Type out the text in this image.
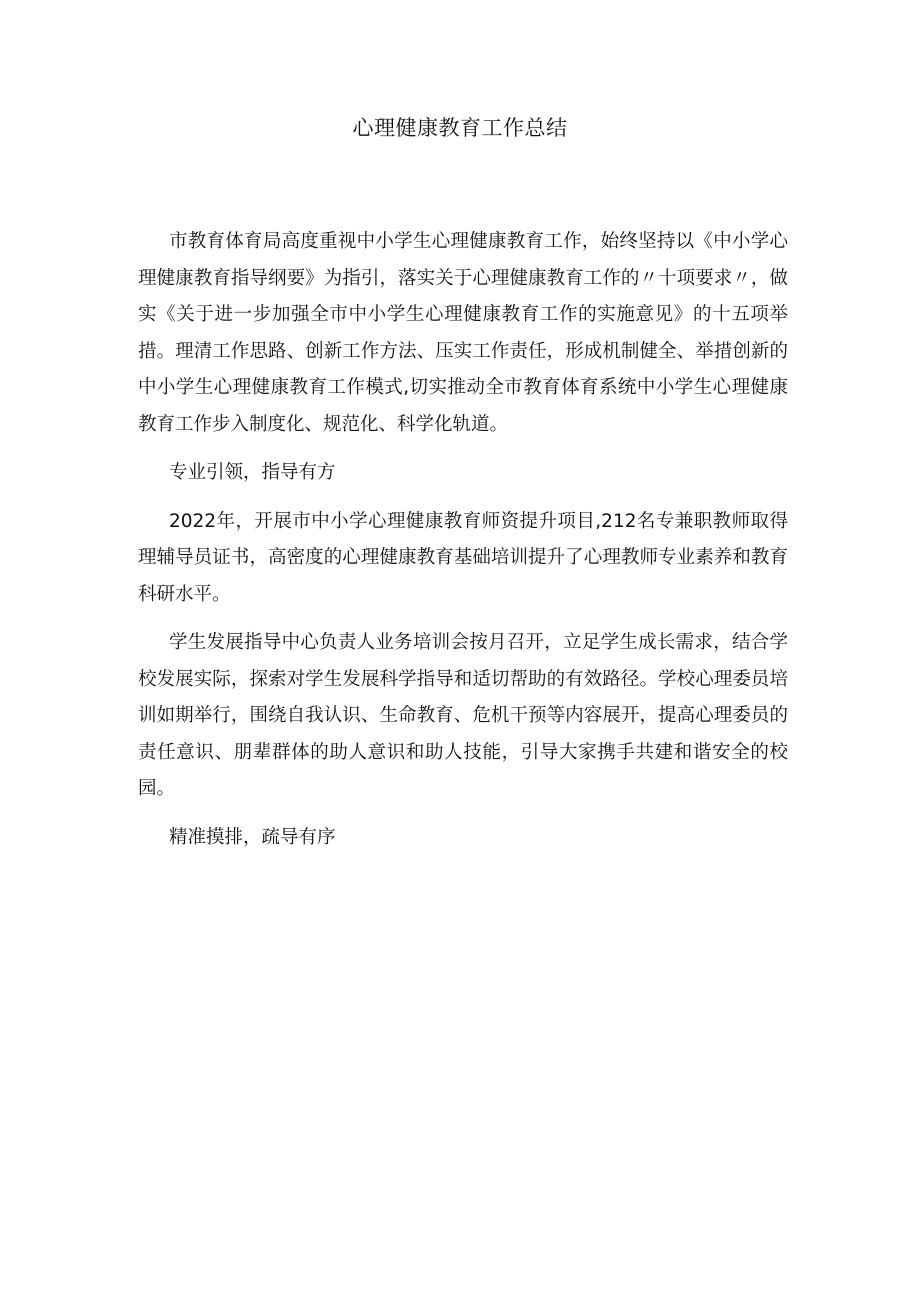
心理健康教育工作总结

市教育体育局高度重视中小学生心理健康教育工作，始终坚持以《中小学心理健康教育指导纲要》为指引，落实关于心理健康教育工作的〃十项要求〃，做实《关于进一步加强全市中小学生心理健康教育工作的实施意见》的十五项举措。理清工作思路、创新工作方法、压实工作责任，形成机制健全、举措创新的中小学生心理健康教育工作模式,切实推动全市教育体育系统中小学生心理健康教育工作步入制度化、规范化、科学化轨道。

专业引领，指导有方

2022年，开展市中小学心理健康教育师资提升项目,212名专兼职教师取得理辅导员证书，高密度的心理健康教育基础培训提升了心理教师专业素养和教育科研水平。

学生发展指导中心负责人业务培训会按月召开，立足学生成长需求，结合学校发展实际，探索对学生发展科学指导和适切帮助的有效路径。学校心理委员培训如期举行，围绕自我认识、生命教育、危机干预等内容展开，提高心理委员的责任意识、朋辈群体的助人意识和助人技能，引导大家携手共建和谐安全的校园。

精准摸排，疏导有序
